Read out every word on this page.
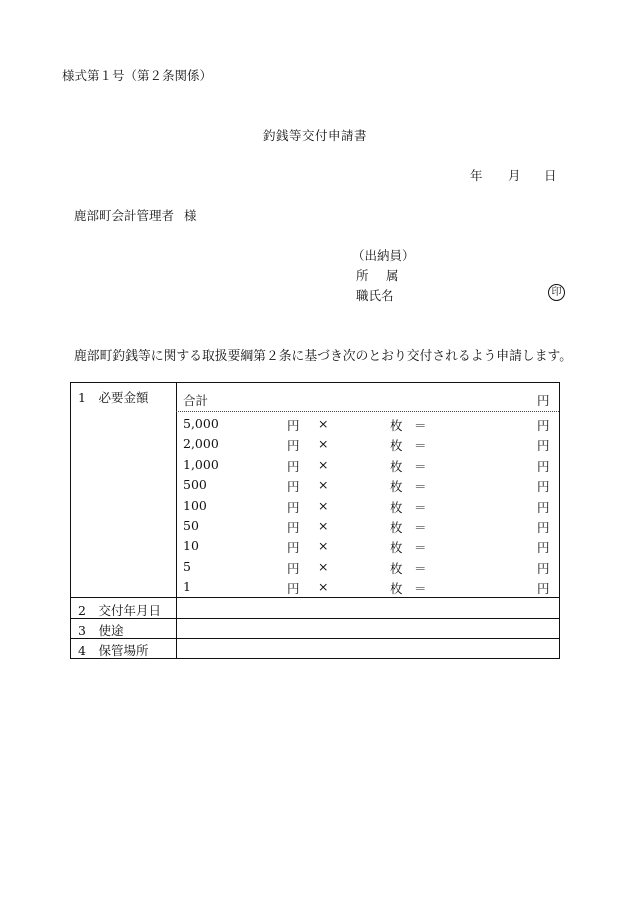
様式第１号（第２条関係）
釣銭等交付申請書
年 月 日
鹿部町会計管理者 様
（出納員）
所 属
職氏名	印
鹿部町釣銭等に関する取扱要綱第２条に基づき次のとおり交付されるよう申請します。
1　必要金額	合計	円
5,000	円 ×	枚 ＝	円
2,000	円 ×	枚 ＝	円
1,000	円 ×	枚 ＝	円
500	円 ×	枚 ＝	円
100	円 ×	枚 ＝	円
50	円 ×	枚 ＝	円
10	円 ×	枚 ＝	円
5	円 ×	枚 ＝	円
1	円 ×	枚 ＝	円
2　交付年月日
3　使途
4　保管場所
